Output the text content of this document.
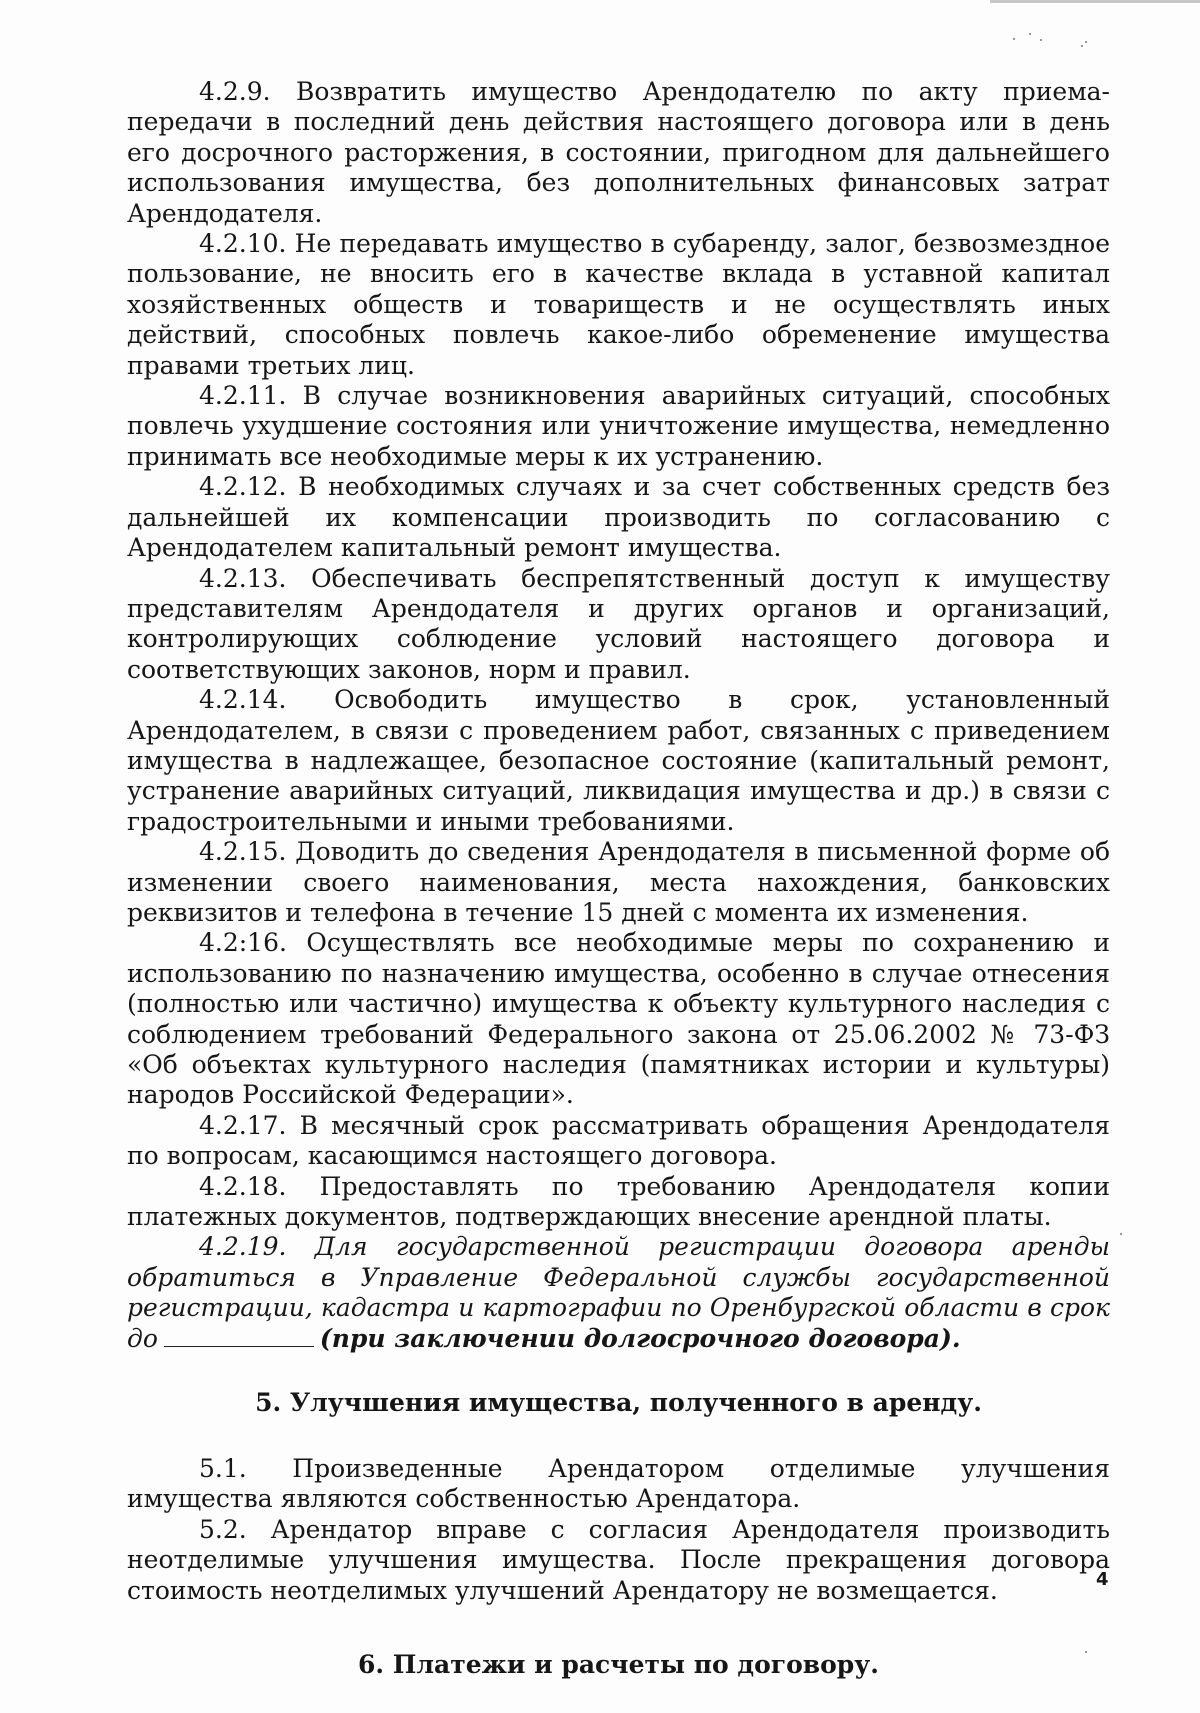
4.2.9. Возвратить имущество Арендодателю по акту приема-передачи в последний день действия настоящего договора или в день его досрочного расторжения, в состоянии, пригодном для дальнейшего использования имущества, без дополнительных финансовых затрат Арендодателя.

4.2.10. Не передавать имущество в субаренду, залог, безвозмездное пользование, не вносить его в качестве вклада в уставной капитал хозяйственных обществ и товариществ и не осуществлять иных действий, способных повлечь какое-либо обременение имущества правами третьих лиц.

4.2.11. В случае возникновения аварийных ситуаций, способных повлечь ухудшение состояния или уничтожение имущества, немедленно принимать все необходимые меры к их устранению.

4.2.12. В необходимых случаях и за счет собственных средств без дальнейшей их компенсации производить по согласованию с Арендодателем капитальный ремонт имущества.

4.2.13. Обеспечивать беспрепятственный доступ к имуществу представителям Арендодателя и других органов и организаций, контролирующих соблюдение условий настоящего договора и соответствующих законов, норм и правил.

4.2.14. Освободить имущество в срок, установленный Арендодателем, в связи с проведением работ, связанных с приведением имущества в надлежащее, безопасное состояние (капитальный ремонт, устранение аварийных ситуаций, ликвидация имущества и др.) в связи с градостроительными и иными требованиями.

4.2.15. Доводить до сведения Арендодателя в письменной форме об изменении своего наименования, места нахождения, банковских реквизитов и телефона в течение 15 дней с момента их изменения.

4.2:16. Осуществлять все необходимые меры по сохранению и использованию по назначению имущества, особенно в случае отнесения (полностью или частично) имущества к объекту культурного наследия с соблюдением требований Федерального закона от 25.06.2002 № 73-ФЗ «Об объектах культурного наследия (памятниках истории и культуры) народов Российской Федерации».

4.2.17. В месячный срок рассматривать обращения Арендодателя по вопросам, касающимся настоящего договора.

4.2.18. Предоставлять по требованию Арендодателя копии платежных документов, подтверждающих внесение арендной платы.

4.2.19. Для государственной регистрации договора аренды обратиться в Управление Федеральной службы государственной регистрации, кадастра и картографии по Оренбургской области в срок до	(при заключении долгосрочного договора).

5. Улучшения имущества, полученного в аренду.

5.1. Произведенные Арендатором отделимые улучшения имущества являются собственностью Арендатора.

5.2. Арендатор вправе с согласия Арендодателя производить неотделимые улучшения имущества. После прекращения договора стоимость неотделимых улучшений Арендатору не возмещается.

6. Платежи и расчеты по договору.

4
